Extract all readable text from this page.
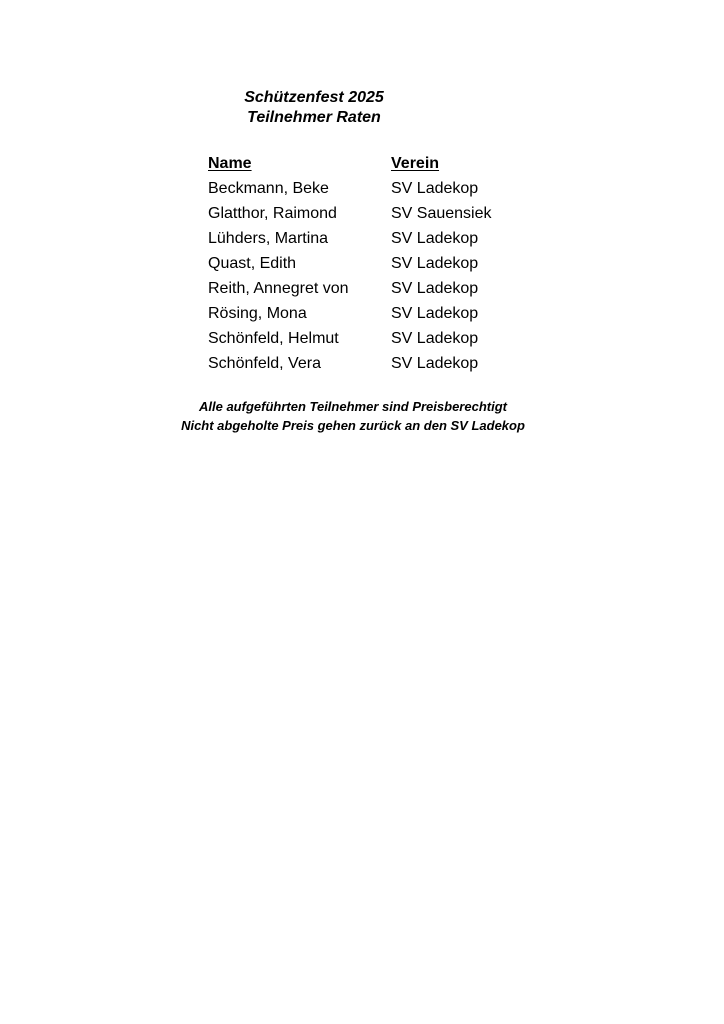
Schützenfest 2025

Teilnehmer Raten

Name	Verein
Beckmann, Beke	SV Ladekop
Glatthor, Raimond	SV Sauensiek
Lühders, Martina	SV Ladekop
Quast, Edith	SV Ladekop
Reith, Annegret von	SV Ladekop
Rösing, Mona	SV Ladekop
Schönfeld, Helmut	SV Ladekop
Schönfeld, Vera	SV Ladekop

Alle aufgeführten Teilnehmer sind Preisberechtigt

Nicht abgeholte Preis gehen zurück an den SV Ladekop
